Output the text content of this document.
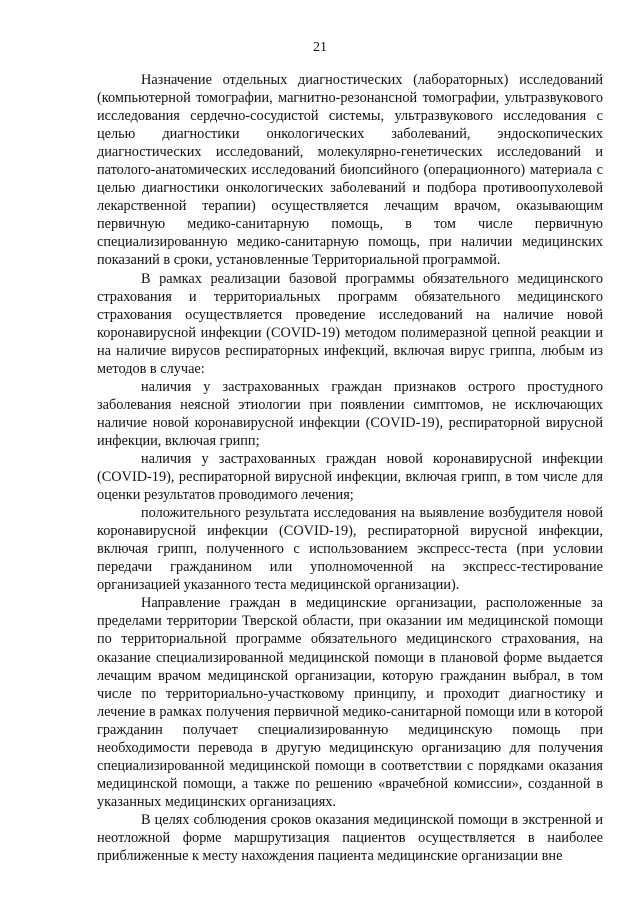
21

Назначение отдельных диагностических (лабораторных) исследований (компьютерной томографии, магнитно-резонансной томографии, ультразвукового исследования сердечно-сосудистой системы, ультразвукового исследования с целью диагностики онкологических заболеваний, эндоскопических диагностических исследований, молекулярно-генетических исследований и патолого-анатомических исследований биопсийного (операционного) материала с целью диагностики онкологических заболеваний и подбора противоопухолевой лекарственной терапии) осуществляется лечащим врачом, оказывающим первичную медико-санитарную помощь, в том числе первичную специализированную медико-санитарную помощь, при наличии медицинских показаний в сроки, установленные Территориальной программой.

В рамках реализации базовой программы обязательного медицинского страхования и территориальных программ обязательного медицинского страхования осуществляется проведение исследований на наличие новой коронавирусной инфекции (COVID-19) методом полимеразной цепной реакции и на наличие вирусов респираторных инфекций, включая вирус гриппа, любым из методов в случае:

наличия у застрахованных граждан признаков острого простудного заболевания неясной этиологии при появлении симптомов, не исключающих наличие новой коронавирусной инфекции (COVID-19), респираторной вирусной инфекции, включая грипп;

наличия у застрахованных граждан новой коронавирусной инфекции (COVID-19), респираторной вирусной инфекции, включая грипп, в том числе для оценки результатов проводимого лечения;

положительного результата исследования на выявление возбудителя новой коронавирусной инфекции (COVID-19), респираторной вирусной инфекции, включая грипп, полученного с использованием экспресс-теста (при условии передачи гражданином или уполномоченной на экспресс-тестирование организацией указанного теста медицинской организации).

Направление граждан в медицинские организации, расположенные за пределами территории Тверской области, при оказании им медицинской помощи по территориальной программе обязательного медицинского страхования, на оказание специализированной медицинской помощи в плановой форме выдается лечащим врачом медицинской организации, которую гражданин выбрал, в том числе по территориально-участковому принципу, и проходит диагностику и лечение в рамках получения первичной медико-санитарной помощи или в которой гражданин получает специализированную медицинскую помощь при необходимости перевода в другую медицинскую организацию для получения специализированной медицинской помощи в соответствии с порядками оказания медицинской помощи, а также по решению «врачебной комиссии», созданной в указанных медицинских организациях.

В целях соблюдения сроков оказания медицинской помощи в экстренной и неотложной форме маршрутизация пациентов осуществляется в наиболее приближенные к месту нахождения пациента медицинские организации вне
